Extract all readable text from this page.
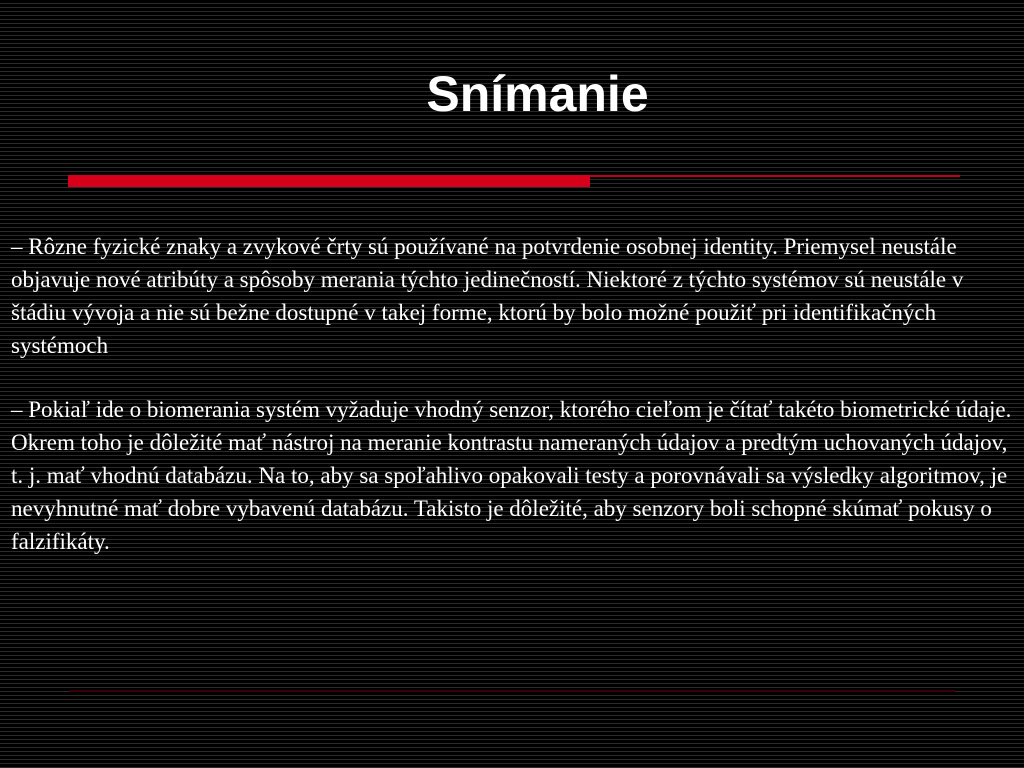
Snímanie

– Rôzne fyzické znaky a zvykové črty sú používané na potvrdenie osobnej identity. Priemysel neustále objavuje nové atribúty a spôsoby merania týchto jedinečností. Niektoré z týchto systémov sú neustále v štádiu vývoja a nie sú bežne dostupné v takej forme, ktorú by bolo možné použiť pri identifikačných systémoch

– Pokiaľ ide o biomerania systém vyžaduje vhodný senzor, ktorého cieľom je čítať takéto biometrické údaje. Okrem toho je dôležité mať nástroj na meranie kontrastu nameraných údajov a predtým uchovaných údajov, t. j. mať vhodnú databázu. Na to, aby sa spoľahlivo opakovali testy a porovnávali sa výsledky algoritmov, je nevyhnutné mať dobre vybavenú databázu. Takisto je dôležité, aby senzory boli schopné skúmať pokusy o falzifikáty.
